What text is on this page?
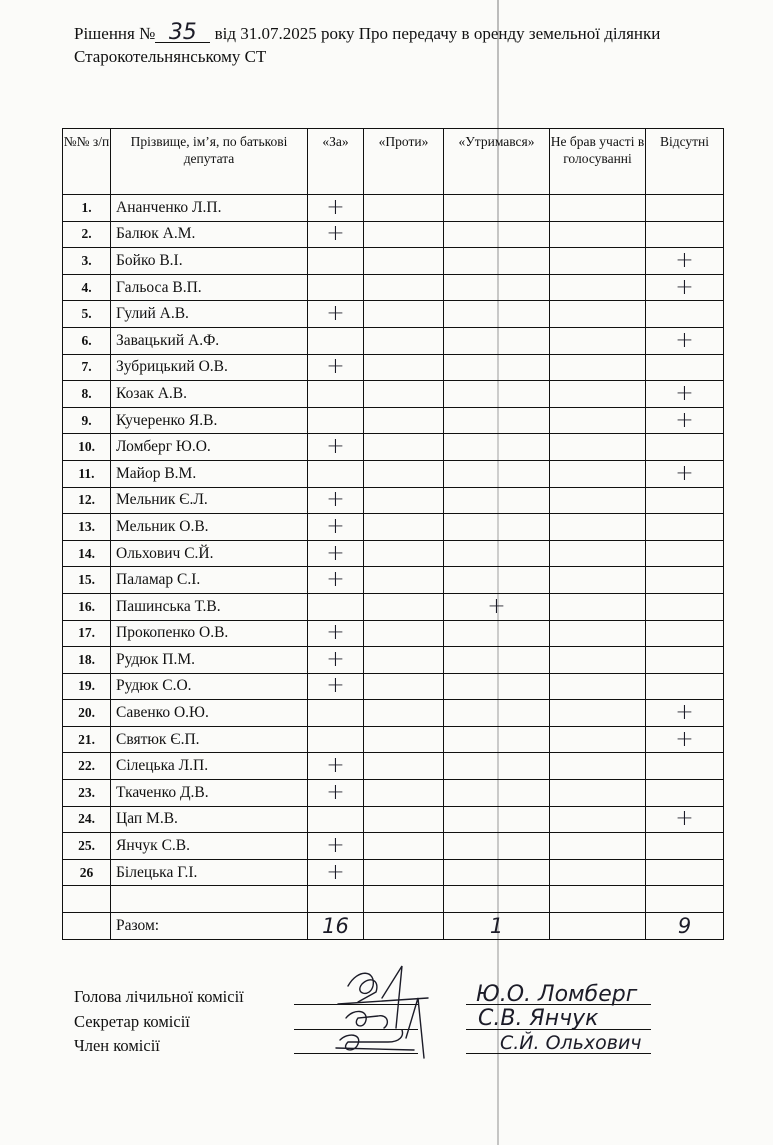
Рішення № 35 від 31.07.2025 року Про передачу в оренду земельної ділянки Старокотельнянському СТ
№№ з/п	Прізвище, ім’я, по батькові депутата	«За»	«Проти»	«Утримався»	Не брав участі в голосуванні	Відсутні
1.	Ананченко Л.П.	+				
2.	Балюк А.М.	+				
3.	Бойко В.І.					+
4.	Гальоса В.П.					+
5.	Гулий А.В.	+				
6.	Завацький А.Ф.					+
7.	Зубрицький О.В.	+				
8.	Козак А.В.					+
9.	Кучеренко Я.В.					+
10.	Ломберг Ю.О.	+				
11.	Майор В.М.					+
12.	Мельник Є.Л.	+				
13.	Мельник О.В.	+				
14.	Ольхович С.Й.	+				
15.	Паламар С.І.	+				
16.	Пашинська Т.В.			+		
17.	Прокопенко О.В.	+				
18.	Рудюк П.М.	+				
19.	Рудюк С.О.	+				
20.	Савенко О.Ю.					+
21.	Святюк Є.П.					+
22.	Сілецька Л.П.	+				
23.	Ткаченко Д.В.	+				
24.	Цап М.В.					+
25.	Янчук С.В.	+				
26	Білецька Г.І.	+				

	Разом:	16		1		9
Голова лічильної комісії
Секретар комісії
Член комісії
Ю.О. Ломберг
С.В. Янчук
С.Й. Ольхович
